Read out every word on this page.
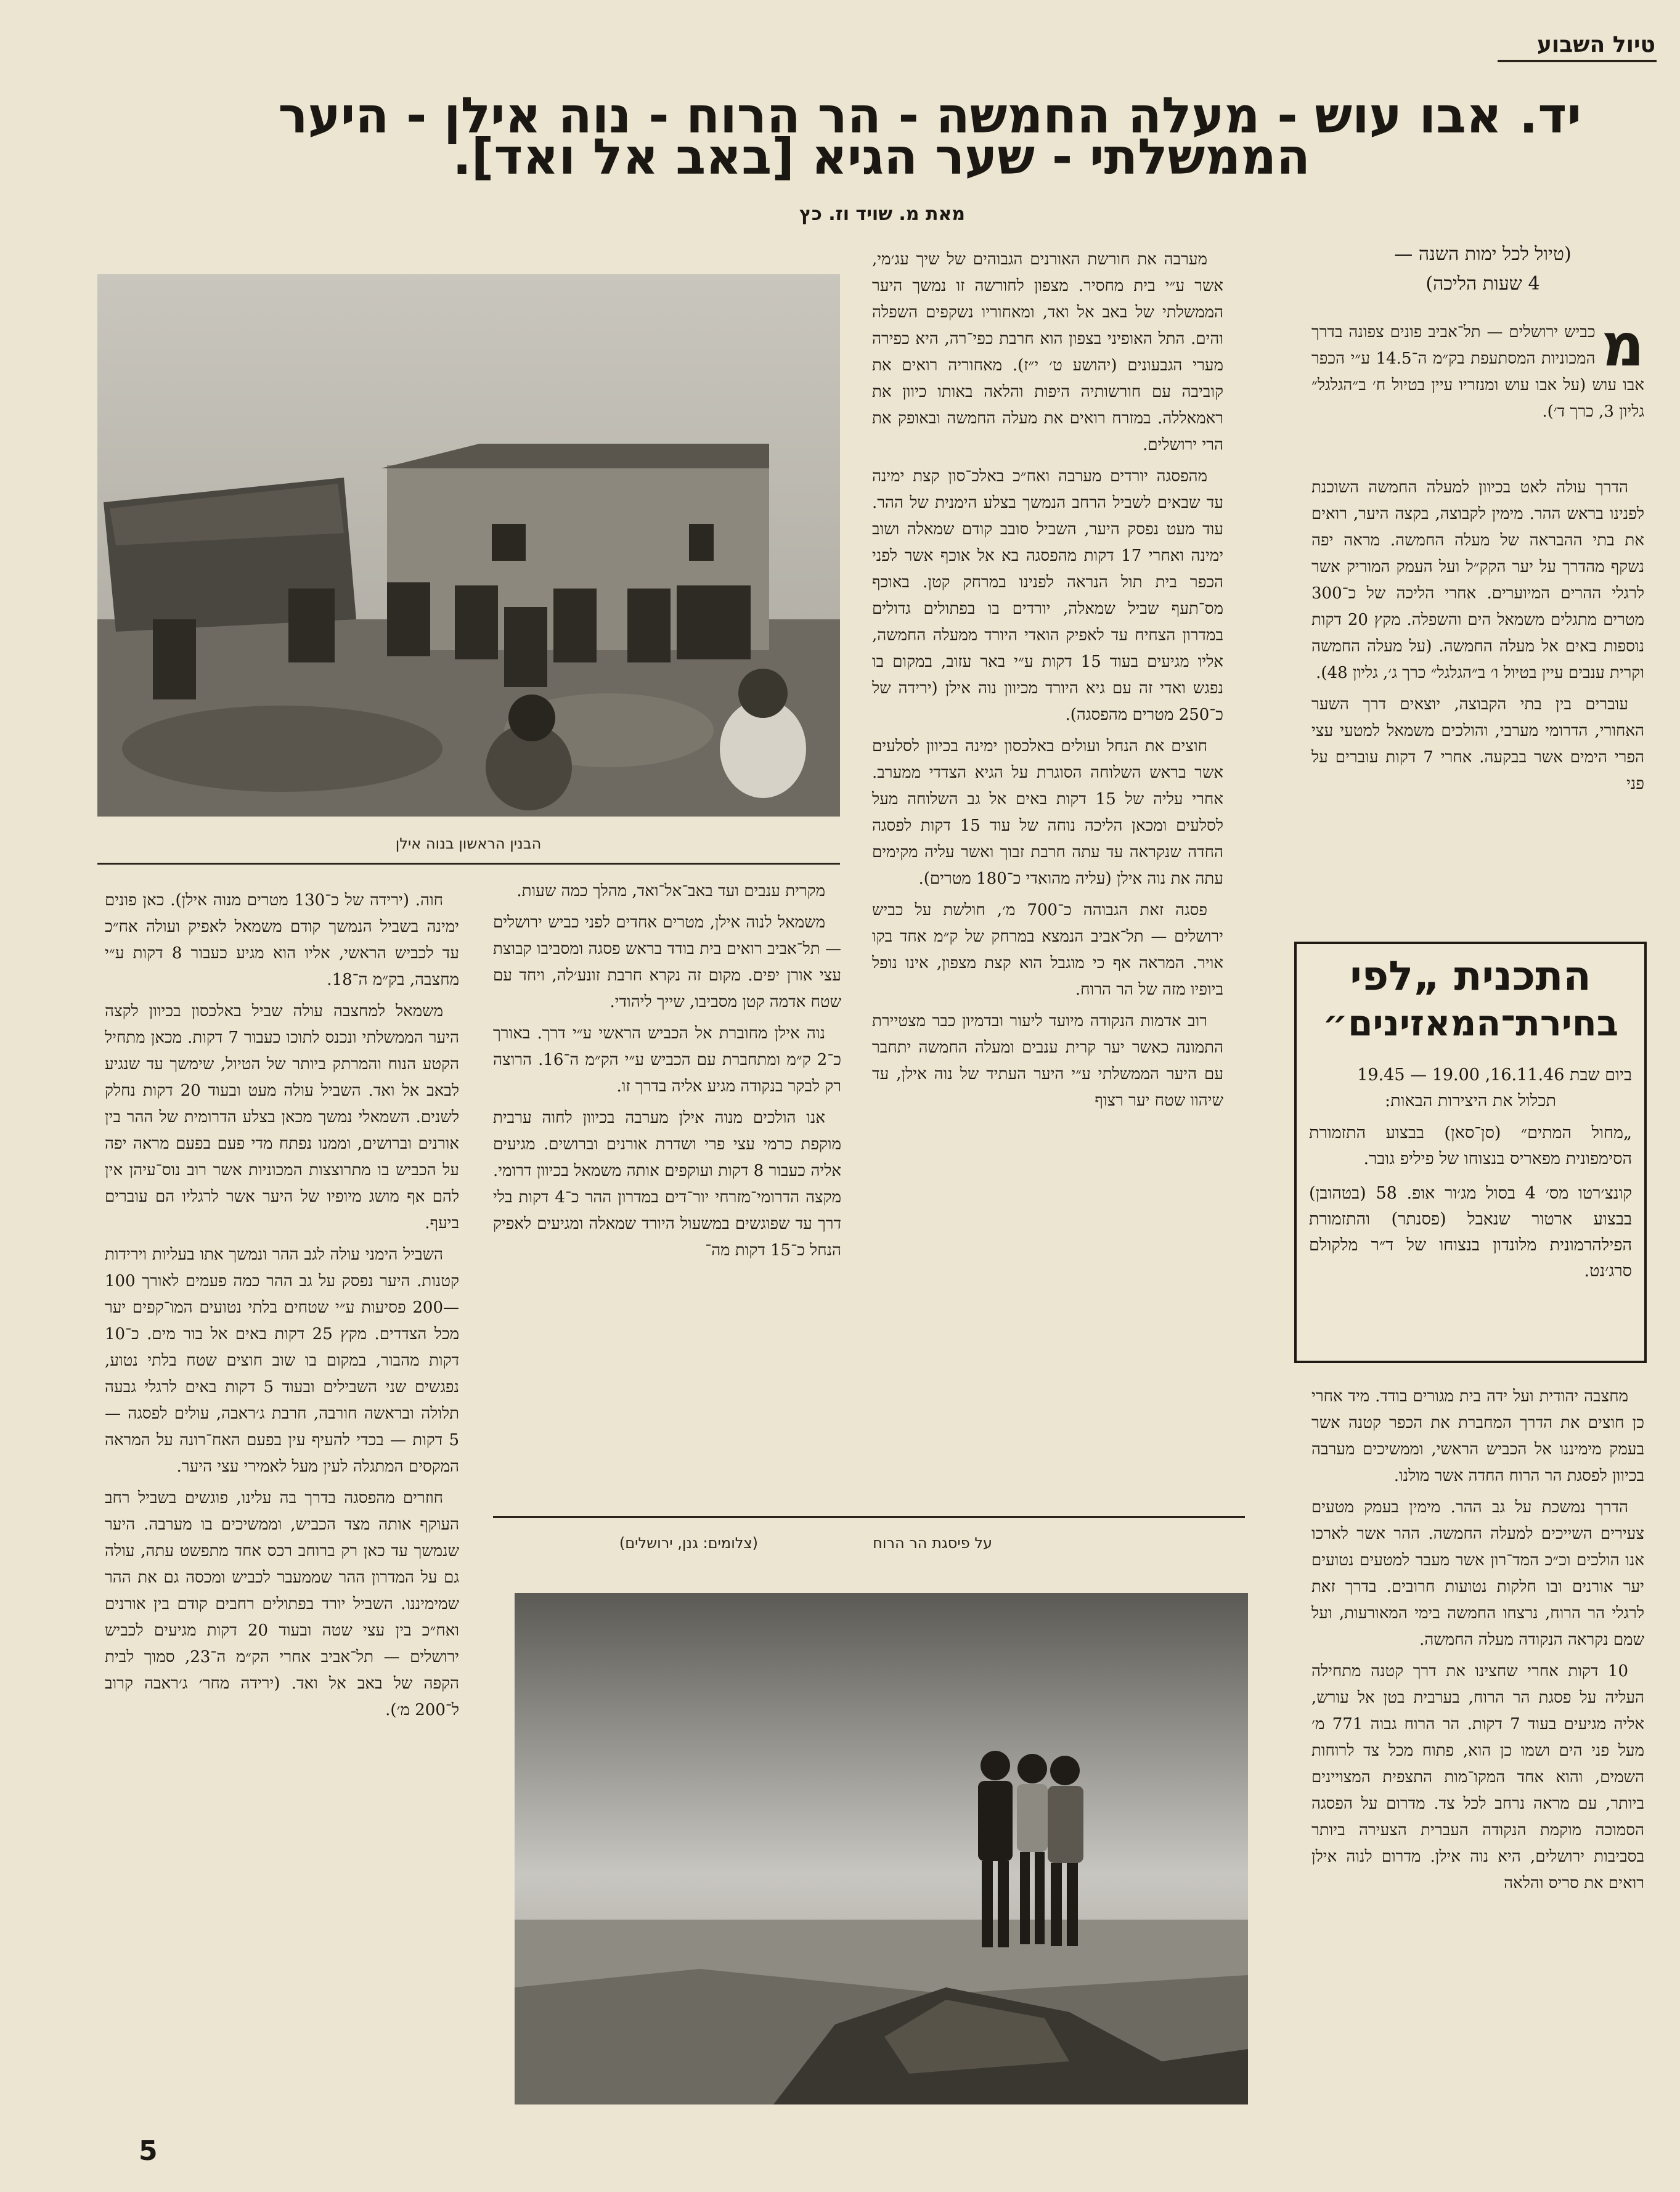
טיול השבוע
יד. אבו עוש - מעלה החמשה - הר הרוח - נוה אילן - היער
הממשלתי - שער הגיא [באב אל ואד].
מאת מ. שויד וז. כץ
(טיול לכל ימות השנה —
4 שעות הליכה)
מ
כביש ירושלים — תל־אביב פונים צפונה בדרך המכוניות המסתעפת בק״מ ה־14.5 ע״י הכפר אבו עוש (על אבו עוש ומנזריו עיין בטיול ח׳ ב״הגלגל״ גליון 3, כרך ד׳).

הדרך עולה לאט בכיוון למעלה החמשה השוכנת לפנינו בראש ההר. מימין לקבוצה, בקצה היער, רואים את בתי ההבראה של מעלה החמשה. מראה יפה נשקף מהדרך על יער הקק״ל ועל העמק המוריק אשר לרגלי ההרים המיוערים. אחרי הליכה של כ־300 מטרים מתגלים משמאל הים והשפלה. מקץ 20 דקות נוספות באים אל מעלה החמשה. (על מעלה החמשה וקרית ענבים עיין בטיול ו׳ ב״הגלגל״ כרך ג׳, גליון 48).

עוברים בין בתי הקבוצה, יוצאים דרך השער האחורי, הדרומי מערבי, והולכים משמאל למטעי עצי הפרי הימים אשר בבקעה. אחרי 7 דקות עוברים על פני

התכנית „לפי
בחירת־המאזינים״
ביום שבת 16.11.46, 19.00 — 19.45
תכלול את היצירות הבאות:
„מחול המתים״ (סן־סאן) בבצוע התזמורת הסימפונית מפאריס בנצוחו של פיליפ גובר.
קונצ׳רטו מס׳ 4 בסול מג׳ור אופ. 58 (בטהובן) בבצוע ארטור שנאבל (פסנתר) והתזמורת הפילהרמונית מלונדון בנצוחו של ד״ר מלקולם סרג׳נט.

מחצבה יהודית ועל ידה בית מגורים בודד. מיד אחרי כן חוצים את הדרך המחברת את הכפר קטנה אשר בעמק מימיננו אל הכביש הראשי, וממשיכים מערבה בכיוון לפסגת הר הרוח החדה אשר מולנו.

הדרך נמשכת על גב ההר. מימין בעמק מטעים צעירים השייכים למעלה החמשה. ההר אשר לארכו אנו הולכים וכ״כ המד־רון אשר מעבר למטעים נטועים יער אורנים ובו חלקות נטועות חרובים. בדרך זאת לרגלי הר הרוח, נרצחו החמשה בימי המאורעות, ועל שמם נקראה הנקודה מעלה החמשה.

10 דקות אחרי שחצינו את דרך קטנה מתחילה העליה על פסגת הר הרוח, בערבית בטן אל עורש, אליה מגיעים בעוד 7 דקות. הר הרוח גבוה 771 מ׳ מעל פני הים ושמו כן הוא, פתוח מכל צד לרוחות השמים, והוא אחד המקו־מות התצפית המצויינים ביותר, עם מראה נרחב לכל צד. מדרום על הפסגה הסמוכה מוקמת הנקודה העברית הצעירה ביותר בסביבות ירושלים, היא נוה אילן. מדרום לנוה אילן רואים את סריס והלאה

מערבה את חורשת האורנים הגבוהים של שיך עג׳מי, אשר ע״י בית מחסיר. מצפון לחורשה זו נמשך היער הממשלתי של באב אל ואד, ומאחוריו נשקפים השפלה והים. התל האופיני בצפון הוא חרבת כפי־רה, היא כפירה מערי הגבעונים (יהושע ט׳ י״ז). מאחוריה רואים את קוביבה עם חורשותיה היפות והלאה באותו כיוון את ראמאללה. במזרח רואים את מעלה החמשה ובאופק את הרי ירושלים.

מהפסגה יורדים מערבה ואח״כ באלכ־סון קצת ימינה עד שבאים לשביל הרחב הנמשך בצלע הימנית של ההר. עוד מעט נפסק היער, השביל סובב קודם שמאלה ושוב ימינה ואחרי 17 דקות מהפסגה בא אל אוכף אשר לפני הכפר בית תול הנראה לפנינו במרחק קטן. באוכף מס־תעף שביל שמאלה, יורדים בו בפתולים גדולים במדרון הצחיח עד לאפיק הואדי היורד ממעלה החמשה, אליו מגיעים בעוד 15 דקות ע״י באר עזוב, במקום בו נפגש ואדי זה עם גיא היורד מכיוון נוה אילן (ירידה של כ־250 מטרים מהפסגה).

חוצים את הנחל ועולים באלכסון ימינה בכיוון לסלעים אשר בראש השלוחה הסוגרת על הגיא הצדדי ממערב. אחרי עליה של 15 דקות באים אל גב השלוחה מעל לסלעים ומכאן הליכה נוחה של עוד 15 דקות לפסגה החדה שנקראה עד עתה חרבת זבוך ואשר עליה מקימים עתה את נוה אילן (עליה מהואדי כ־180 מטרים).

פסגה זאת הגבוהה כ־700 מ׳, חולשת על כביש ירושלים — תל־אביב הנמצא במרחק של ק״מ אחד בקו אויר. המראה אף כי מוגבל הוא קצת מצפון, אינו נופל ביופיו מזה של הר הרוח.

רוב אדמות הנקודה מיועד ליעור ובדמיון כבר מצטיירת התמונה כאשר יער קרית ענבים ומעלה החמשה יתחבר עם היער הממשלתי ע״י היער העתיד של נוה אילן, עד שיהוו שטח יער רצוף

הבנין הראשון בנוה אילן

מקרית ענבים ועד באב־אל־ואד, מהלך כמה שעות.

משמאל לנוה אילן, מטרים אחדים לפני כביש ירושלים — תל־אביב רואים בית בודד בראש פסגה ומסביבו קבוצת עצי אורן יפים. מקום זה נקרא חרבת זונע׳לה, ויחד עם שטח אדמה קטן מסביבו, שייך ליהודי.

נוה אילן מחוברת אל הכביש הראשי ע״י דרך. באורך כ־2 ק״מ ומתחברת עם הכביש ע״י הק״מ ה־16. הרוצה רק לבקר בנקודה מגיע אליה בדרך זו.

אנו הולכים מנוה אילן מערבה בכיוון לחוה ערבית מוקפת כרמי עצי פרי ושדרת אורנים וברושים. מגיעים אליה כעבור 8 דקות ועוקפים אותה משמאל בכיוון דרומי. מקצה הדרומי־מזרחי יור־דים במדרון ההר כ־4 דקות בלי דרך עד שפוגשים במשעול היורד שמאלה ומגיעים לאפיק הנחל כ־15 דקות מה־

חוה. (ירידה של כ־130 מטרים מנוה אילן). כאן פונים ימינה בשביל הנמשך קודם משמאל לאפיק ועולה אח״כ עד לכביש הראשי, אליו הוא מגיע כעבור 8 דקות ע״י מחצבה, בק״מ ה־18.

משמאל למחצבה עולה שביל באלכסון בכיוון לקצה היער הממשלתי ונכנס לתוכו כעבור 7 דקות. מכאן מתחיל הקטע הנוח והמרתק ביותר של הטיול, שימשך עד שנגיע לבאב אל ואד. השביל עולה מעט ובעוד 20 דקות נחלק לשנים. השמאלי נמשך מכאן בצלע הדרומית של ההר בין אורנים וברושים, וממנו נפתח מדי פעם בפעם מראה יפה על הכביש בו מתרוצצות המכוניות אשר רוב נוס־עיהן אין להם אף מושג מיופיו של היער אשר לרגליו הם עוברים ביעף.

השביל הימני עולה לגב ההר ונמשך אתו בעליות וירידות קטנות. היער נפסק על גב ההר כמה פעמים לאורך 100—200 פסיעות ע״י שטחים בלתי נטועים המו־קפים יער מכל הצדדים. מקץ 25 דקות באים אל בור מים. כ־10 דקות מהבור, במקום בו שוב חוצים שטח בלתי נטוע, נפגשים שני השבילים ובעוד 5 דקות באים לרגלי גבעה תלולה ובראשה חורבה, חרבת ג׳ראבה, עולים לפסגה — 5 דקות — בכדי להעיף עין בפעם האח־רונה על המראה המקסים המתגלה לעין מעל לאמירי עצי היער.

חוזרים מהפסגה בדרך בה עלינו, פוגשים בשביל רחב העוקף אותה מצד הכביש, וממשיכים בו מערבה. היער שנמשך עד כאן רק ברוחב רכס אחד מתפשט עתה, עולה גם על המדרון ההר שממעבר לכביש ומכסה גם את ההר שמימיננו. השביל יורד בפתולים רחבים קודם בין אורנים ואח״כ בין עצי שטה ובעוד 20 דקות מגיעים לכביש ירושלים — תל־אביב אחרי הק״מ ה־23, סמוך לבית הקפה של באב אל ואד. (ירידה מחר׳ ג׳ראבה קרוב ל־200 מ׳).

על פיסגת הר הרוח
(צלומים: גנן, ירושלים)
5
